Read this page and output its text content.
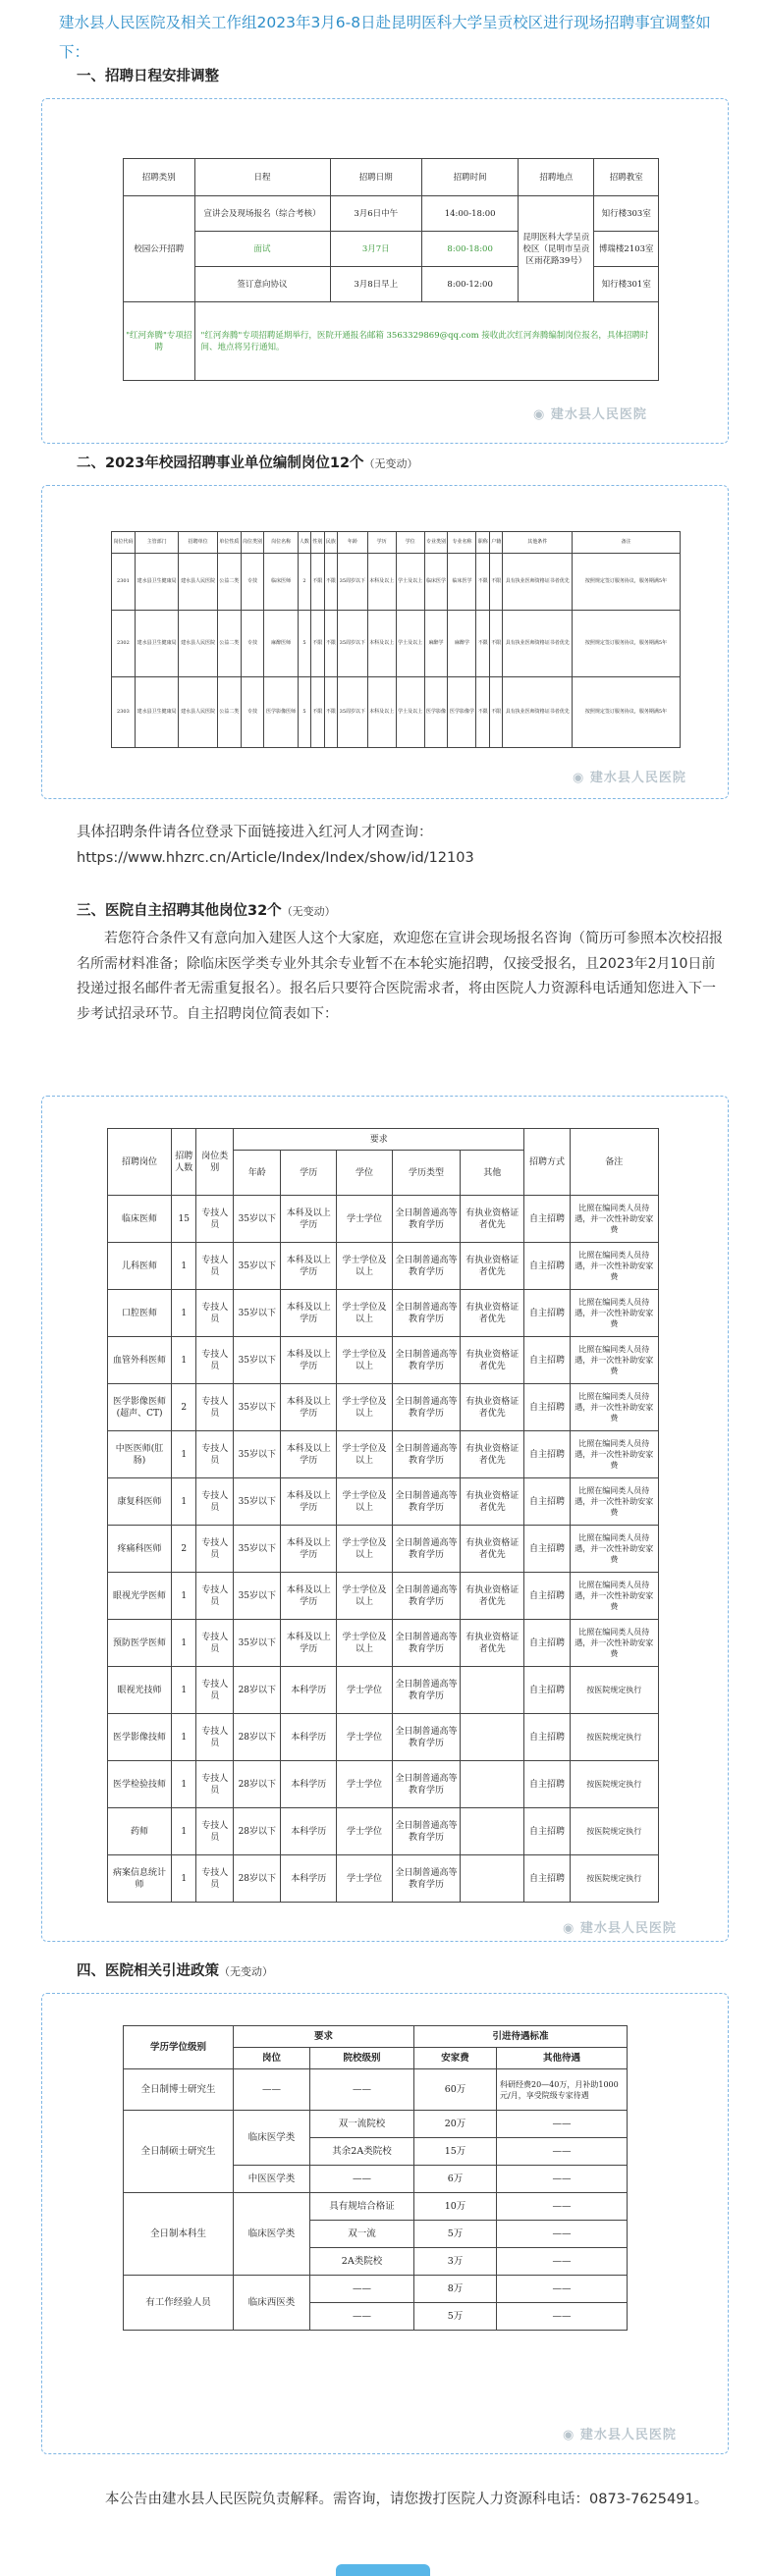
建水县人民医院及相关工作组2023年3月6-8日赴昆明医科大学呈贡校区进行现场招聘事宜调整如下：
一、招聘日程安排调整
招聘类别	日程	招聘日期	招聘时间	招聘地点	招聘教室
校园公开招聘	宣讲会及现场报名（综合考核）	3月6日中午	14:00-18:00	昆明医科大学呈贡校区（昆明市呈贡区雨花路39号）	知行楼303室
	面试	3月7日	8:00-18:00		博瑞楼2103室
	签订意向协议	3月8日早上	8:00-12:00		知行楼301室
"红河奔腾"专项招聘	"红河奔腾"专项招聘延期举行，医院开通报名邮箱 3563329869@qq.com 接收此次红河奔腾编制岗位报名，具体招聘时间、地点将另行通知。				
◉ 建水县人民医院
二、2023年校园招聘事业单位编制岗位12个（无变动）
岗位代码	主管部门	招聘单位	单位性质	岗位类别	岗位名称	人数	性别	民族	年龄	学历	学位	专业类别	专业名称	职称	户籍	其他条件	备注
2301	建水县卫生健康局	建水县人民医院	公益二类	专技	临床医师	2	不限	不限	35周岁以下	本科及以上	学士及以上	临床医学	临床医学	不限	不限	具有执业医师资格证书者优先	按照规定签订服务协议，服务期满5年
2302	建水县卫生健康局	建水县人民医院	公益二类	专技	麻醉医师	5	不限	不限	35周岁以下	本科及以上	学士及以上	麻醉学	麻醉学	不限	不限	具有执业医师资格证书者优先	按照规定签订服务协议，服务期满5年
2303	建水县卫生健康局	建水县人民医院	公益二类	专技	医学影像医师	5	不限	不限	35周岁以下	本科及以上	学士及以上	医学影像	医学影像学	不限	不限	具有执业医师资格证书者优先	按照规定签订服务协议，服务期满5年
◉ 建水县人民医院
具体招聘条件请各位登录下面链接进入红河人才网查询：
https://www.hhzrc.cn/Article/Index/Index/show/id/12103
三、医院自主招聘其他岗位32个（无变动）
若您符合条件又有意向加入建医人这个大家庭，欢迎您在宣讲会现场报名咨询（简历可参照本次校招报名所需材料准备；除临床医学类专业外其余专业暂不在本轮实施招聘，仅接受报名，且2023年2月10日前投递过报名邮件者无需重复报名）。报名后只要符合医院需求者，将由医院人力资源科电话通知您进入下一步考试招录环节。自主招聘岗位简表如下：
招聘岗位	招聘人数	岗位类别	要求					招聘方式	备注
			年龄	学历	学位	学历类型	其他		
临床医师	15	专技人员	35岁以下	本科及以上学历	学士学位	全日制普通高等教育学历	有执业资格证者优先	自主招聘	比照在编同类人员待遇，并一次性补助安家费
儿科医师	1	专技人员	35岁以下	本科及以上学历	学士学位及以上	全日制普通高等教育学历	有执业资格证者优先	自主招聘	比照在编同类人员待遇，并一次性补助安家费
口腔医师	1	专技人员	35岁以下	本科及以上学历	学士学位及以上	全日制普通高等教育学历	有执业资格证者优先	自主招聘	比照在编同类人员待遇，并一次性补助安家费
血管外科医师	1	专技人员	35岁以下	本科及以上学历	学士学位及以上	全日制普通高等教育学历	有执业资格证者优先	自主招聘	比照在编同类人员待遇，并一次性补助安家费
医学影像医师(超声、CT)	2	专技人员	35岁以下	本科及以上学历	学士学位及以上	全日制普通高等教育学历	有执业资格证者优先	自主招聘	比照在编同类人员待遇，并一次性补助安家费
中医医师(肛肠)	1	专技人员	35岁以下	本科及以上学历	学士学位及以上	全日制普通高等教育学历	有执业资格证者优先	自主招聘	比照在编同类人员待遇，并一次性补助安家费
康复科医师	1	专技人员	35岁以下	本科及以上学历	学士学位及以上	全日制普通高等教育学历	有执业资格证者优先	自主招聘	比照在编同类人员待遇，并一次性补助安家费
疼痛科医师	2	专技人员	35岁以下	本科及以上学历	学士学位及以上	全日制普通高等教育学历	有执业资格证者优先	自主招聘	比照在编同类人员待遇，并一次性补助安家费
眼视光学医师	1	专技人员	35岁以下	本科及以上学历	学士学位及以上	全日制普通高等教育学历	有执业资格证者优先	自主招聘	比照在编同类人员待遇，并一次性补助安家费
预防医学医师	1	专技人员	35岁以下	本科及以上学历	学士学位及以上	全日制普通高等教育学历	有执业资格证者优先	自主招聘	比照在编同类人员待遇，并一次性补助安家费
眼视光技师	1	专技人员	28岁以下	本科学历	学士学位	全日制普通高等教育学历		自主招聘	按医院规定执行
医学影像技师	1	专技人员	28岁以下	本科学历	学士学位	全日制普通高等教育学历		自主招聘	按医院规定执行
医学检验技师	1	专技人员	28岁以下	本科学历	学士学位	全日制普通高等教育学历		自主招聘	按医院规定执行
药师	1	专技人员	28岁以下	本科学历	学士学位	全日制普通高等教育学历		自主招聘	按医院规定执行
病案信息统计师	1	专技人员	28岁以下	本科学历	学士学位	全日制普通高等教育学历		自主招聘	按医院规定执行
◉ 建水县人民医院
四、医院相关引进政策（无变动）
学历学位级别	要求		引进待遇标准	
	岗位	院校级别	安家费	其他待遇
全日制博士研究生	——	——	60万	科研经费20—40万，月补助1000元/月，享受院级专家待遇
全日制硕士研究生	临床医学类	双一流院校	20万	——
		其余2A类院校	15万	——
	中医医学类	——	6万	——
全日制本科生	临床医学类	具有规培合格证	10万	——
		双一流	5万	——
		2A类院校	3万	——
有工作经验人员	临床西医类	——	8万	——
		——	5万	——
◉ 建水县人民医院
本公告由建水县人民医院负责解释。需咨询，请您拨打医院人力资源科电话：0873-7625491。
